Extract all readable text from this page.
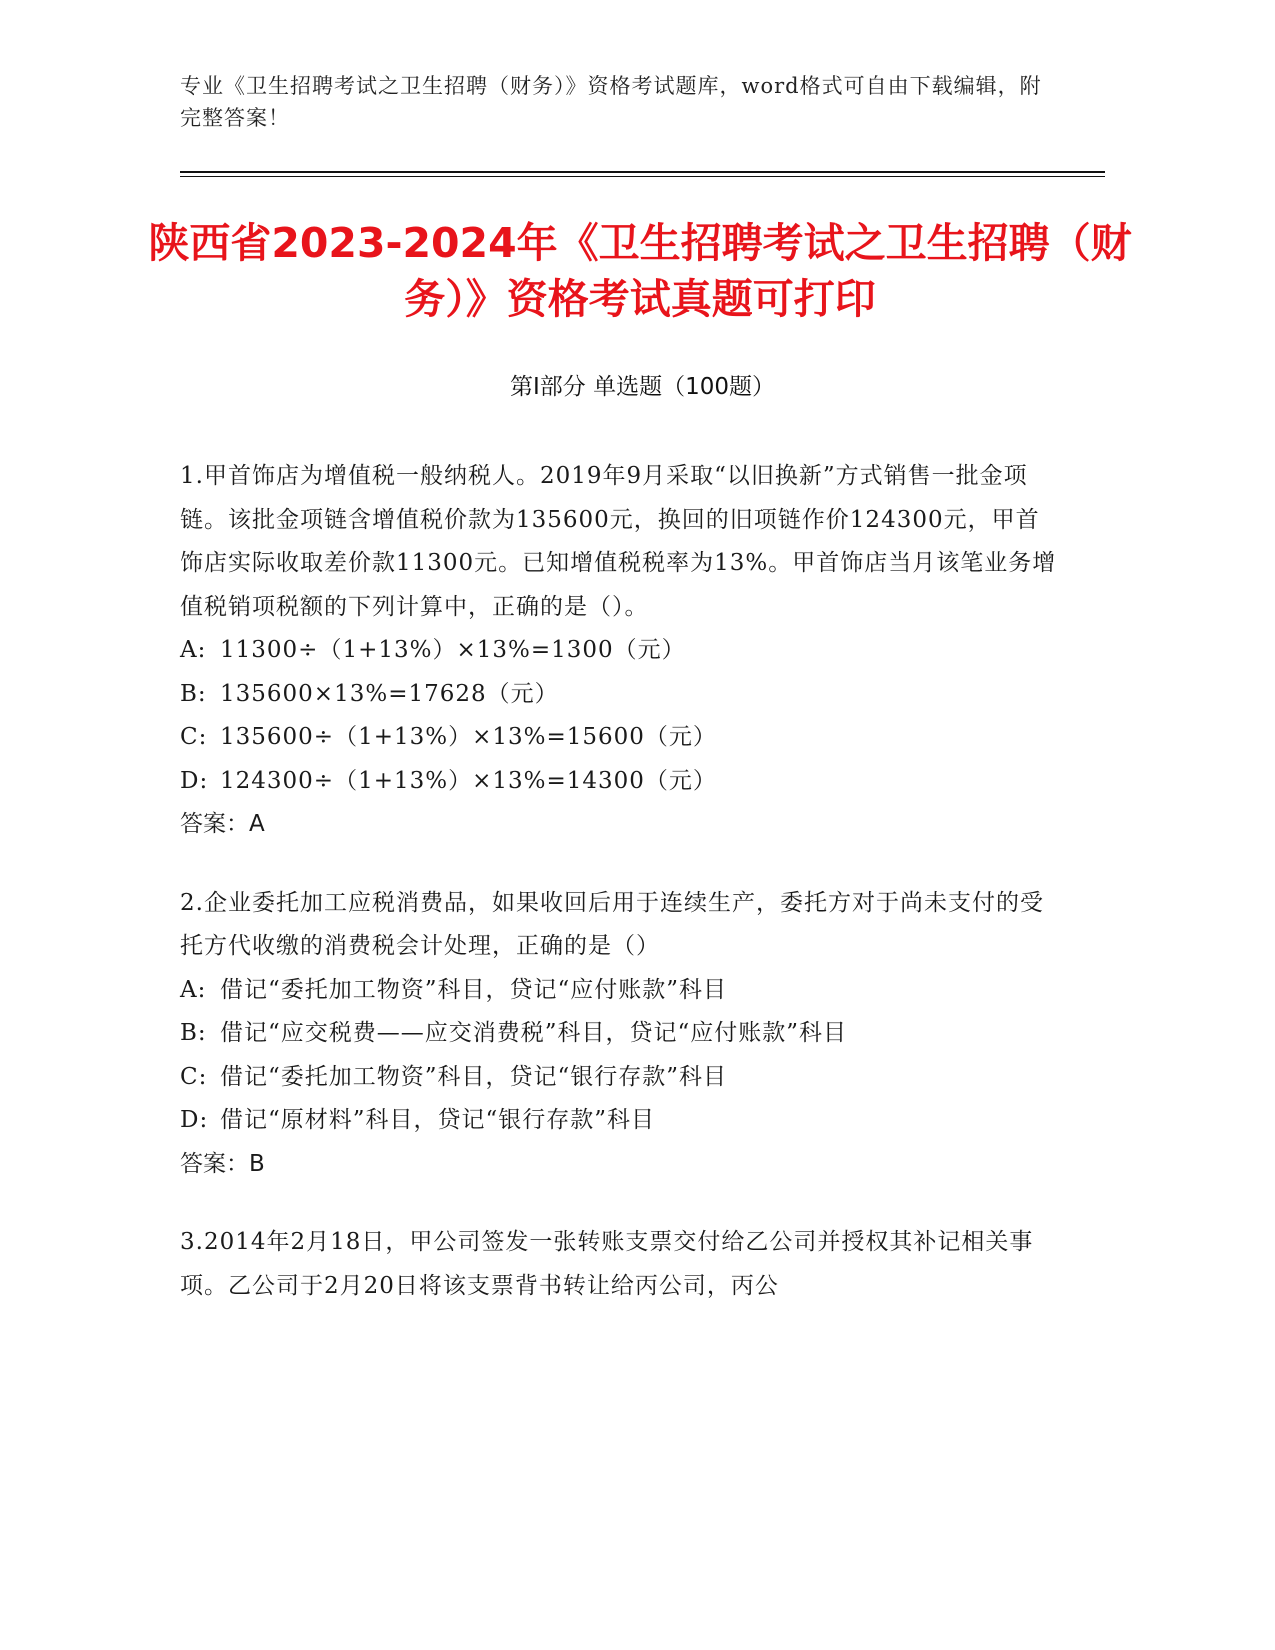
专业《卫生招聘考试之卫生招聘（财务）》资格考试题库，word格式可自由下载编辑，附完整答案！
陕西省2023-2024年《卫生招聘考试之卫生招聘（财务）》资格考试真题可打印
第I部分 单选题（100题）

1.甲首饰店为增值税一般纳税人。2019年9月采取“以旧换新”方式销售一批金项链。该批金项链含增值税价款为135600元，换回的旧项链作价124300元，甲首饰店实际收取差价款11300元。已知增值税税率为13%。甲首饰店当月该笔业务增值税销项税额的下列计算中，正确的是（）。

A: 11300÷（1+13%）×13%=1300（元）

B: 135600×13%=17628（元）

C: 135600÷（1+13%）×13%=15600（元）

D: 124300÷（1+13%）×13%=14300（元）

答案：A

2.企业委托加工应税消费品，如果收回后用于连续生产，委托方对于尚未支付的受托方代收缴的消费税会计处理，正确的是（）

A: 借记“委托加工物资”科目，贷记“应付账款”科目

B: 借记“应交税费——应交消费税”科目，贷记“应付账款”科目

C: 借记“委托加工物资”科目，贷记“银行存款”科目

D: 借记“原材料”科目，贷记“银行存款”科目

答案：B

3.2014年2月18日，甲公司签发一张转账支票交付给乙公司并授权其补记相关事项。乙公司于2月20日将该支票背书转让给丙公司，丙公
